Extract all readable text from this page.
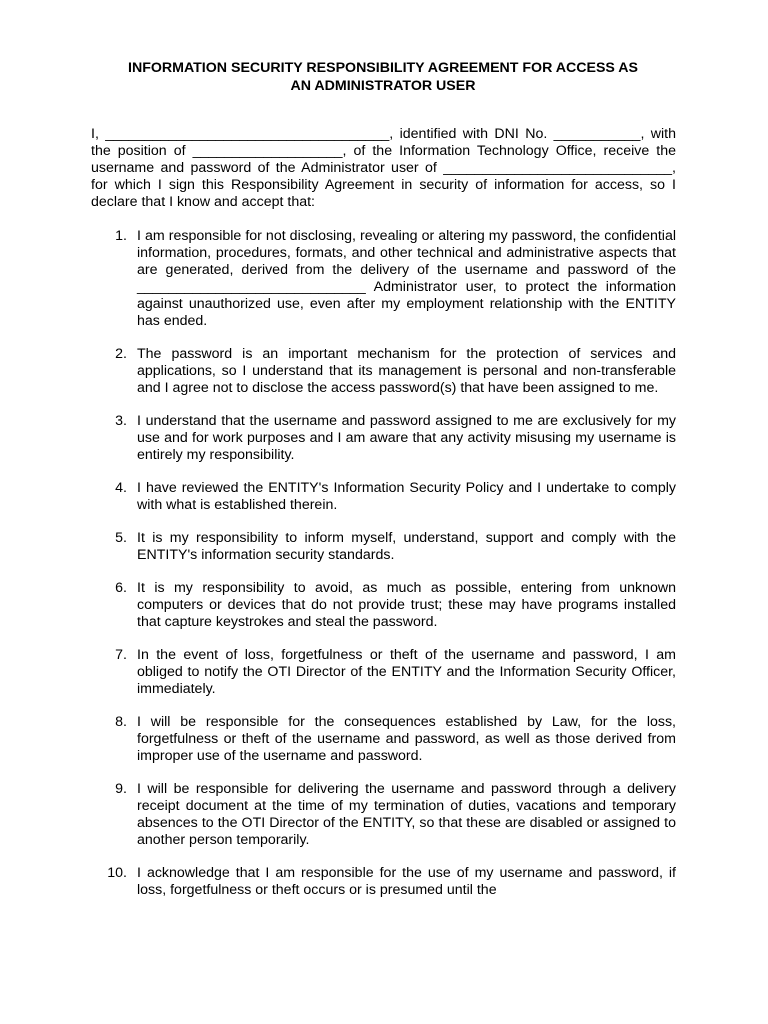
INFORMATION SECURITY RESPONSIBILITY AGREEMENT FOR ACCESS AS
AN ADMINISTRATOR USER

I, ____________________________________, identified with DNI No. ___________, with the position of ___________________, of the Information Technology Office, receive the username and password of the Administrator user of _____________________________, for which I sign this Responsibility Agreement in security of information for access, so I declare that I know and accept that:

1. I am responsible for not disclosing, revealing or altering my password, the confidential information, procedures, formats, and other technical and administrative aspects that are generated, derived from the delivery of the username and password of the _____________________________ Administrator user, to protect the information against unauthorized use, even after my employment relationship with the ENTITY has ended.
2. The password is an important mechanism for the protection of services and applications, so I understand that its management is personal and non-transferable and I agree not to disclose the access password(s) that have been assigned to me.
3. I understand that the username and password assigned to me are exclusively for my use and for work purposes and I am aware that any activity misusing my username is entirely my responsibility.
4. I have reviewed the ENTITY's Information Security Policy and I undertake to comply with what is established therein.
5. It is my responsibility to inform myself, understand, support and comply with the ENTITY's information security standards.
6. It is my responsibility to avoid, as much as possible, entering from unknown computers or devices that do not provide trust; these may have programs installed that capture keystrokes and steal the password.
7. In the event of loss, forgetfulness or theft of the username and password, I am obliged to notify the OTI Director of the ENTITY and the Information Security Officer, immediately.
8. I will be responsible for the consequences established by Law, for the loss, forgetfulness or theft of the username and password, as well as those derived from improper use of the username and password.
9. I will be responsible for delivering the username and password through a delivery receipt document at the time of my termination of duties, vacations and temporary absences to the OTI Director of the ENTITY, so that these are disabled or assigned to another person temporarily.
10. I acknowledge that I am responsible for the use of my username and password, if loss, forgetfulness or theft occurs or is presumed until the
